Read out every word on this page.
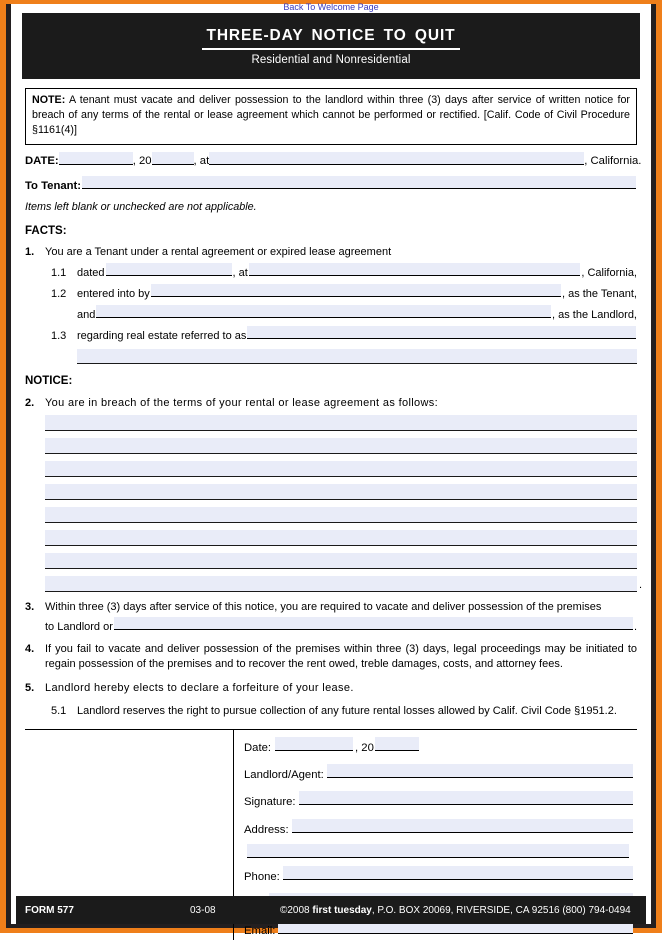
Back To Welcome Page
THREE-DAY NOTICE TO QUIT
Residential and Nonresidential
NOTE: A tenant must vacate and deliver possession to the landlord within three (3) days after service of written notice for breach of any terms of the rental or lease agreement which cannot be performed or rectified. [Calif. Code of Civil Procedure §1161(4)]
DATE:	, 20	, at	, California.
To Tenant:
Items left blank or unchecked are not applicable.
FACTS:
1. You are a Tenant under a rental agreement or expired lease agreement
1.1 dated	, at	, California,
1.2 entered into by	, as the Tenant,
and	, as the Landlord,
1.3 regarding real estate referred to as
NOTICE:
2. You are in breach of the terms of your rental or lease agreement as follows:
.
3. Within three (3) days after service of this notice, you are required to vacate and deliver possession of the premises
to Landlord or	.
4. If you fail to vacate and deliver possession of the premises within three (3) days, legal proceedings may be initiated to regain possession of the premises and to recover the rent owed, treble damages, costs, and attorney fees.
5. Landlord hereby elects to declare a forfeiture of your lease.
5.1 Landlord reserves the right to pursue collection of any future rental losses allowed by Calif. Civil Code §1951.2.
Date:	, 20
Landlord/Agent:
Signature:
Address:
Phone:
Email:
FORM 577	03-08	©2008 first tuesday, P.O. BOX 20069, RIVERSIDE, CA 92516 (800) 794-0494
